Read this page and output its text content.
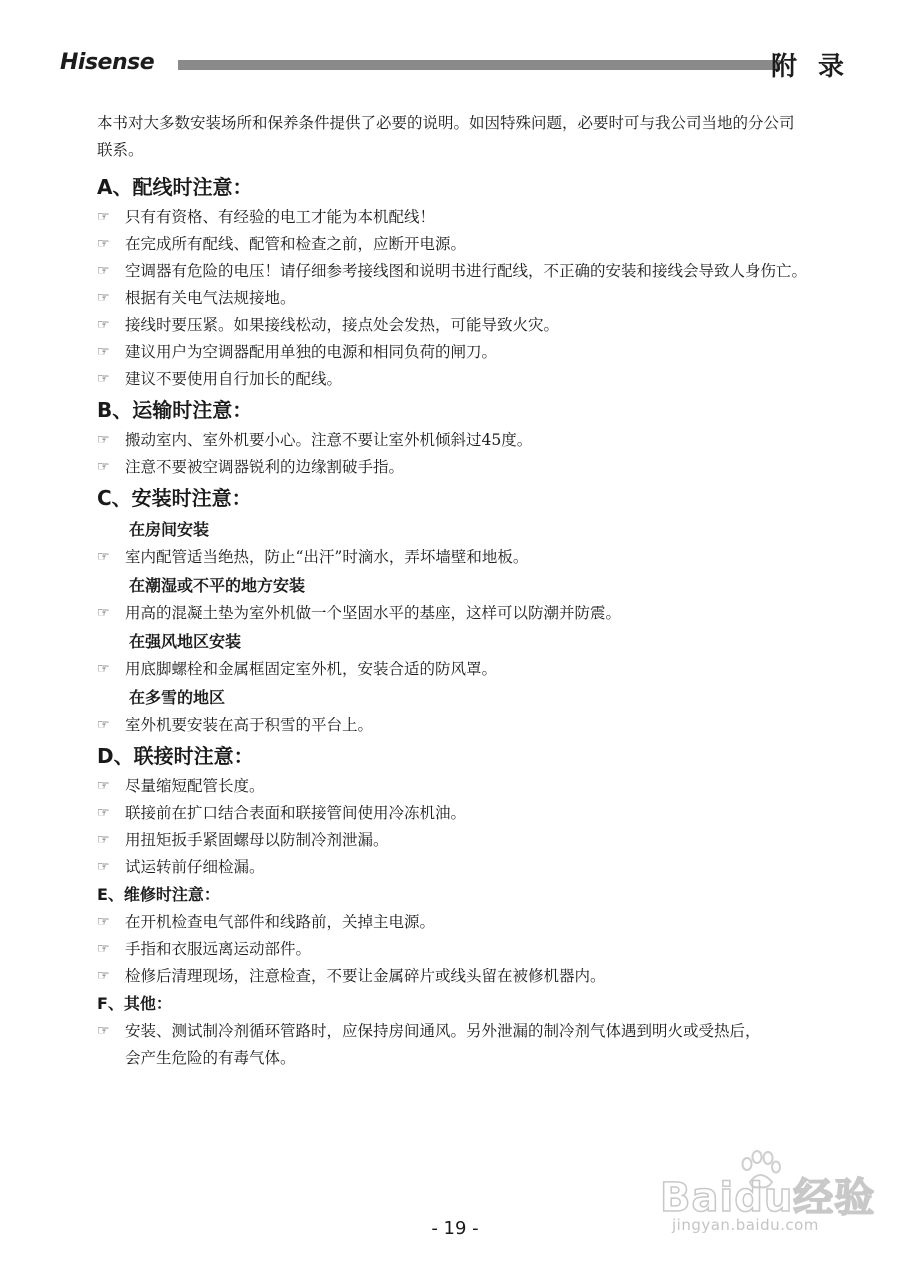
Hisense	附 录
本书对大多数安装场所和保养条件提供了必要的说明。如因特殊问题，必要时可与我公司当地的分公司
联系。
A、配线时注意：
☞ 只有有资格、有经验的电工才能为本机配线！
☞ 在完成所有配线、配管和检查之前，应断开电源。
☞ 空调器有危险的电压！请仔细参考接线图和说明书进行配线，不正确的安装和接线会导致人身伤亡。
☞ 根据有关电气法规接地。
☞ 接线时要压紧。如果接线松动，接点处会发热，可能导致火灾。
☞ 建议用户为空调器配用单独的电源和相同负荷的闸刀。
☞ 建议不要使用自行加长的配线。
B、运输时注意：
☞ 搬动室内、室外机要小心。注意不要让室外机倾斜过45度。
☞ 注意不要被空调器锐利的边缘割破手指。
C、安装时注意：
在房间安装
☞ 室内配管适当绝热，防止“出汗”时滴水，弄坏墙壁和地板。
在潮湿或不平的地方安装
☞ 用高的混凝土垫为室外机做一个坚固水平的基座，这样可以防潮并防震。
在强风地区安装
☞ 用底脚螺栓和金属框固定室外机，安装合适的防风罩。
在多雪的地区
☞ 室外机要安装在高于积雪的平台上。
D、联接时注意：
☞ 尽量缩短配管长度。
☞ 联接前在扩口结合表面和联接管间使用冷冻机油。
☞ 用扭矩扳手紧固螺母以防制冷剂泄漏。
☞ 试运转前仔细检漏。
E、维修时注意：
☞ 在开机检查电气部件和线路前，关掉主电源。
☞ 手指和衣服远离运动部件。
☞ 检修后清理现场，注意检查，不要让金属碎片或线头留在被修机器内。
F、其他：
☞ 安装、测试制冷剂循环管路时，应保持房间通风。另外泄漏的制冷剂气体遇到明火或受热后，
会产生危险的有毒气体。
Baidu经验
jingyan.baidu.com
- 19 -
